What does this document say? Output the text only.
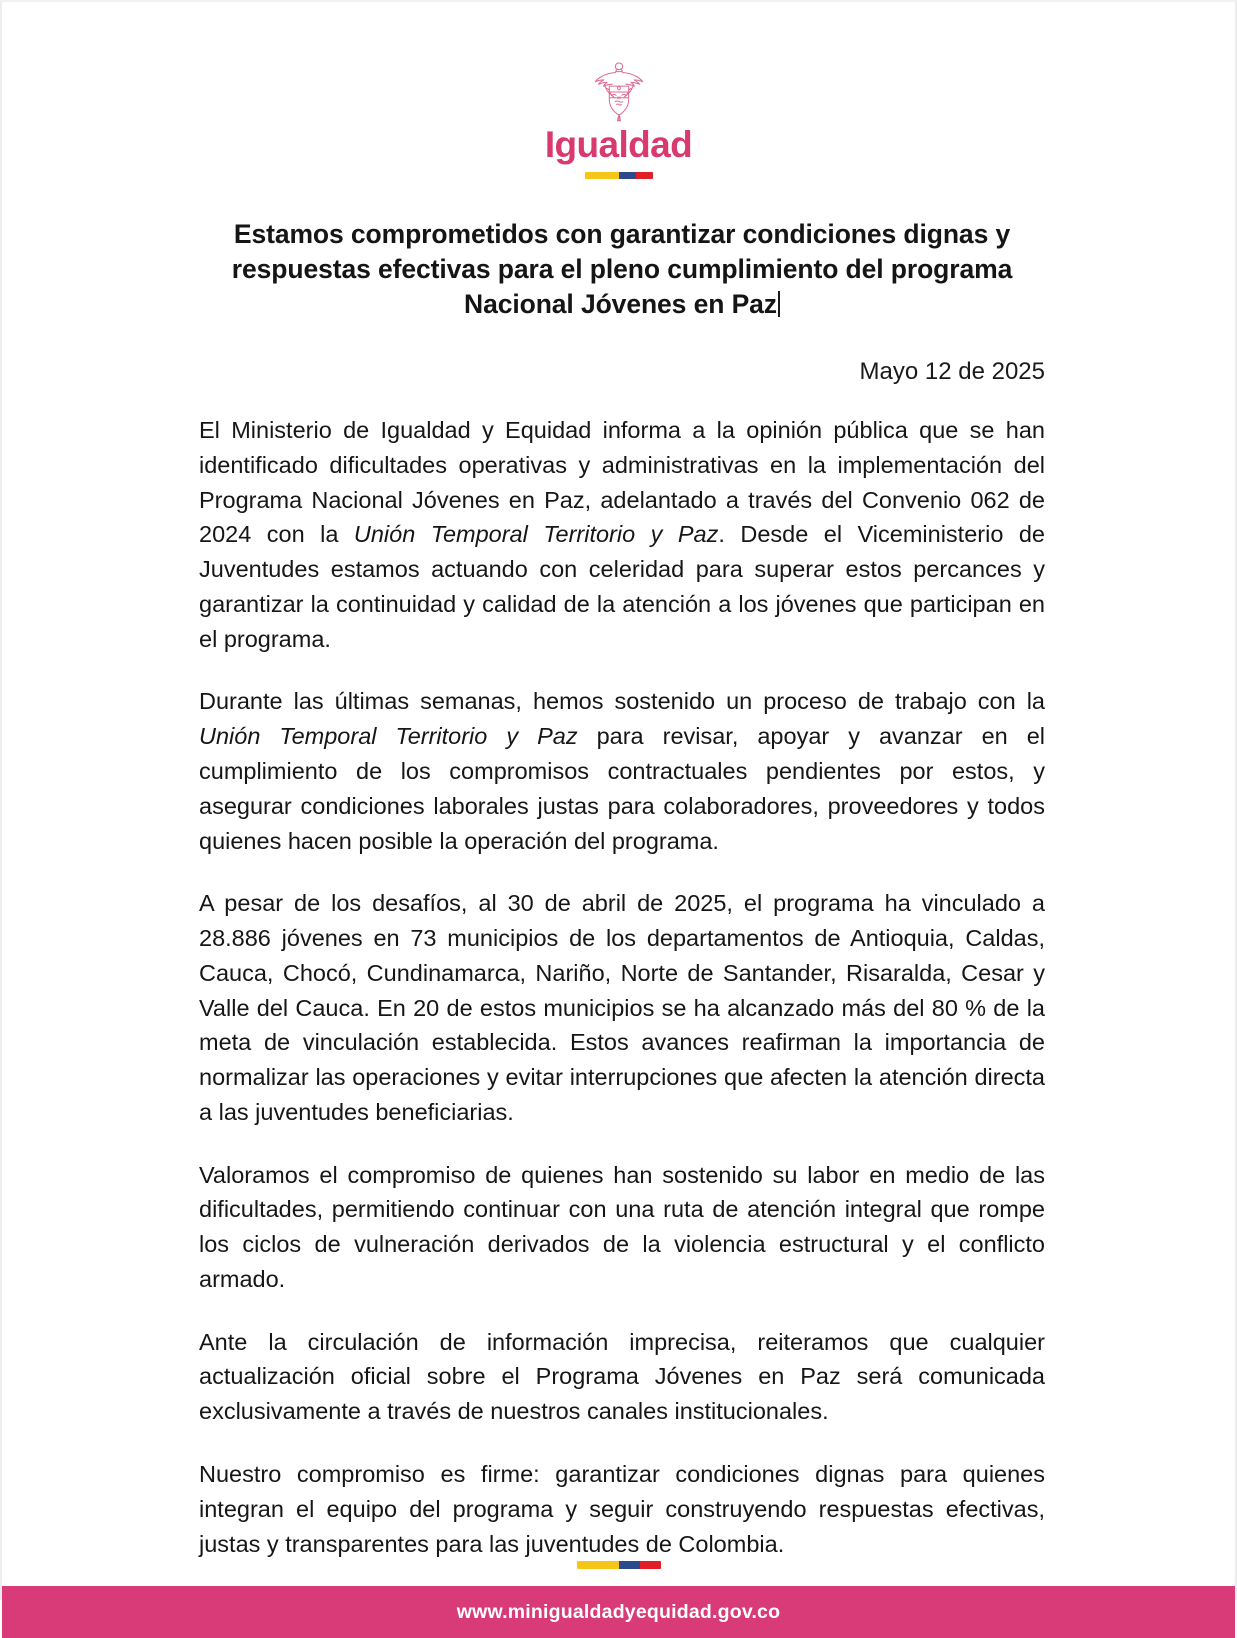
Igualdad
Estamos comprometidos con garantizar condiciones dignas y respuestas efectivas para el pleno cumplimiento del programa Nacional Jóvenes en Paz
Mayo 12 de 2025

El Ministerio de Igualdad y Equidad informa a la opinión pública que se han identificado dificultades operativas y administrativas en la implementación del Programa Nacional Jóvenes en Paz, adelantado a través del Convenio 062 de 2024 con la Unión Temporal Territorio y Paz. Desde el Viceministerio de Juventudes estamos actuando con celeridad para superar estos percances y garantizar la continuidad y calidad de la atención a los jóvenes que participan en el programa.

Durante las últimas semanas, hemos sostenido un proceso de trabajo con la Unión Temporal Territorio y Paz para revisar, apoyar y avanzar en el cumplimiento de los compromisos contractuales pendientes por estos, y asegurar condiciones laborales justas para colaboradores, proveedores y todos quienes hacen posible la operación del programa.

A pesar de los desafíos, al 30 de abril de 2025, el programa ha vinculado a 28.886 jóvenes en 73 municipios de los departamentos de Antioquia, Caldas, Cauca, Chocó, Cundinamarca, Nariño, Norte de Santander, Risaralda, Cesar y Valle del Cauca. En 20 de estos municipios se ha alcanzado más del 80 % de la meta de vinculación establecida. Estos avances reafirman la importancia de normalizar las operaciones y evitar interrupciones que afecten la atención directa a las juventudes beneficiarias.

Valoramos el compromiso de quienes han sostenido su labor en medio de las dificultades, permitiendo continuar con una ruta de atención integral que rompe los ciclos de vulneración derivados de la violencia estructural y el conflicto armado.

Ante la circulación de información imprecisa, reiteramos que cualquier actualización oficial sobre el Programa Jóvenes en Paz será comunicada exclusivamente a través de nuestros canales institucionales.

Nuestro compromiso es firme: garantizar condiciones dignas para quienes integran el equipo del programa y seguir construyendo respuestas efectivas, justas y transparentes para las juventudes de Colombia.

www.minigualdadyequidad.gov.co
